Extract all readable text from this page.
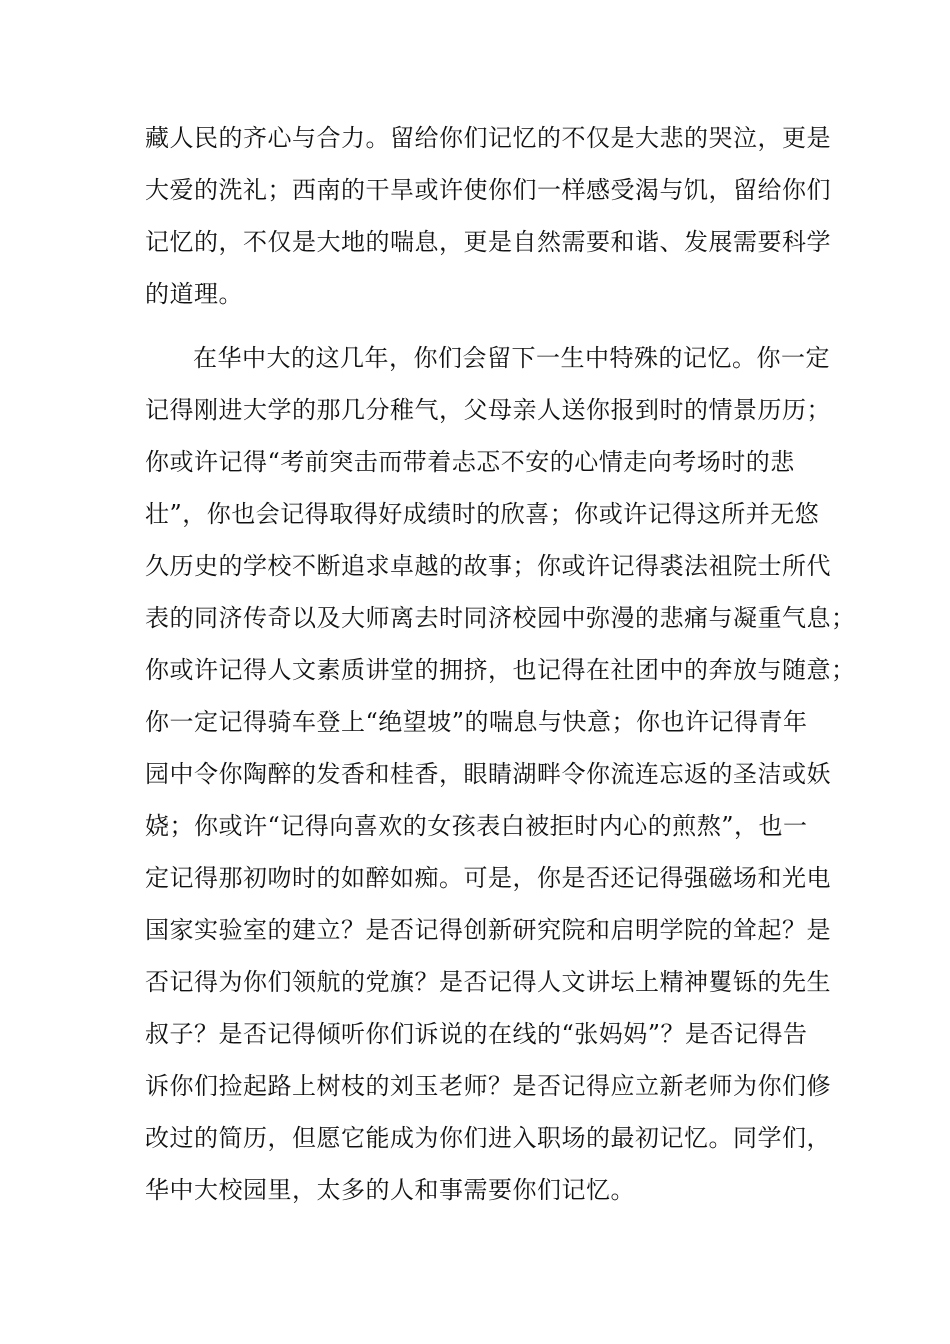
藏人民的齐心与合力。留给你们记忆的不仅是大悲的哭泣，更是
大爱的洗礼；西南的干旱或许使你们一样感受渴与饥，留给你们
记忆的，不仅是大地的喘息，更是自然需要和谐、发展需要科学
的道理。
在华中大的这几年，你们会留下一生中特殊的记忆。你一定
记得刚进大学的那几分稚气，父母亲人送你报到时的情景历历；
你或许记得“考前突击而带着忐忑不安的心情走向考场时的悲
壮”，你也会记得取得好成绩时的欣喜；你或许记得这所并无悠
久历史的学校不断追求卓越的故事；你或许记得裘法祖院士所代
表的同济传奇以及大师离去时同济校园中弥漫的悲痛与凝重气息；
你或许记得人文素质讲堂的拥挤，也记得在社团中的奔放与随意；
你一定记得骑车登上“绝望坡”的喘息与快意；你也许记得青年
园中令你陶醉的发香和桂香，眼睛湖畔令你流连忘返的圣洁或妖
娆；你或许“记得向喜欢的女孩表白被拒时内心的煎熬”，也一
定记得那初吻时的如醉如痴。可是，你是否还记得强磁场和光电
国家实验室的建立？是否记得创新研究院和启明学院的耸起？是
否记得为你们领航的党旗？是否记得人文讲坛上精神矍铄的先生
叔子？是否记得倾听你们诉说的在线的“张妈妈”？是否记得告
诉你们捡起路上树枝的刘玉老师？是否记得应立新老师为你们修
改过的简历，但愿它能成为你们进入职场的最初记忆。同学们，
华中大校园里，太多的人和事需要你们记忆。
